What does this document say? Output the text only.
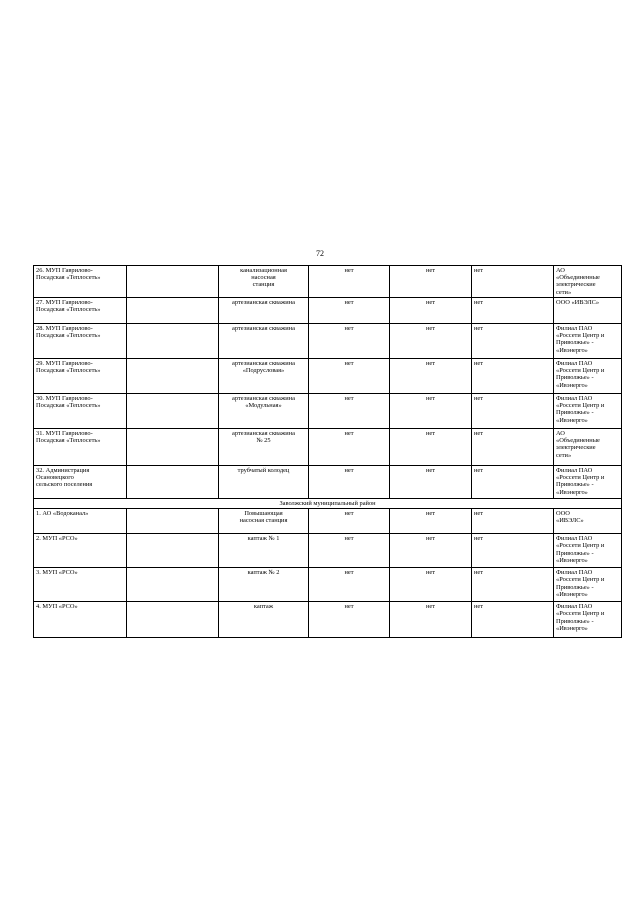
72
26. МУП Гаврилово-
Посадская «Теплосеть»		канализационная
насосная
станция	нет	нет	нет	АО
«Объединенные
электрические
сети»
27. МУП Гаврилово-
Посадская «Теплосеть»		артезианская скважина	нет	нет	нет	ООО «ИВЭЛС»
28. МУП Гаврилово-
Посадская «Теплосеть»		артезианская скважина	нет	нет	нет	Филиал ПАО
«Россети Центр и
Приволжье» -
«Ивэнерго»
29. МУП Гаврилово-
Посадская «Теплосеть»		артезианская скважина
«Подрусловая»	нет	нет	нет	Филиал ПАО
«Россети Центр и
Приволжье» -
«Ивэнерго»
30. МУП Гаврилово-
Посадская «Теплосеть»		артезианская скважина
«Модульная»	нет	нет	нет	Филиал ПАО
«Россети Центр и
Приволжье» -
«Ивэнерго»
31. МУП Гаврилово-
Посадская «Теплосеть»		артезианская скважина
№ 25	нет	нет	нет	АО
«Объединенные
электрические
сети»
32. Администрация
Осановецкого
сельского поселения		трубчатый колодец	нет	нет	нет	Филиал ПАО
«Россети Центр и
Приволжье» -
«Ивэнерго»
Заволжский муниципальный район						
1. АО «Водоканал»		Повышающая
насосная станция	нет	нет	нет	ООО
«ИВЭЛС»
2. МУП «РСО»		каптаж № 1	нет	нет	нет	Филиал ПАО
«Россети Центр и
Приволжье» -
«Ивэнерго»
3. МУП «РСО»		каптаж № 2	нет	нет	нет	Филиал ПАО
«Россети Центр и
Приволжье» -
«Ивэнерго»
4. МУП «РСО»		каптаж	нет	нет	нет	Филиал ПАО
«Россети Центр и
Приволжье» -
«Ивэнерго»
